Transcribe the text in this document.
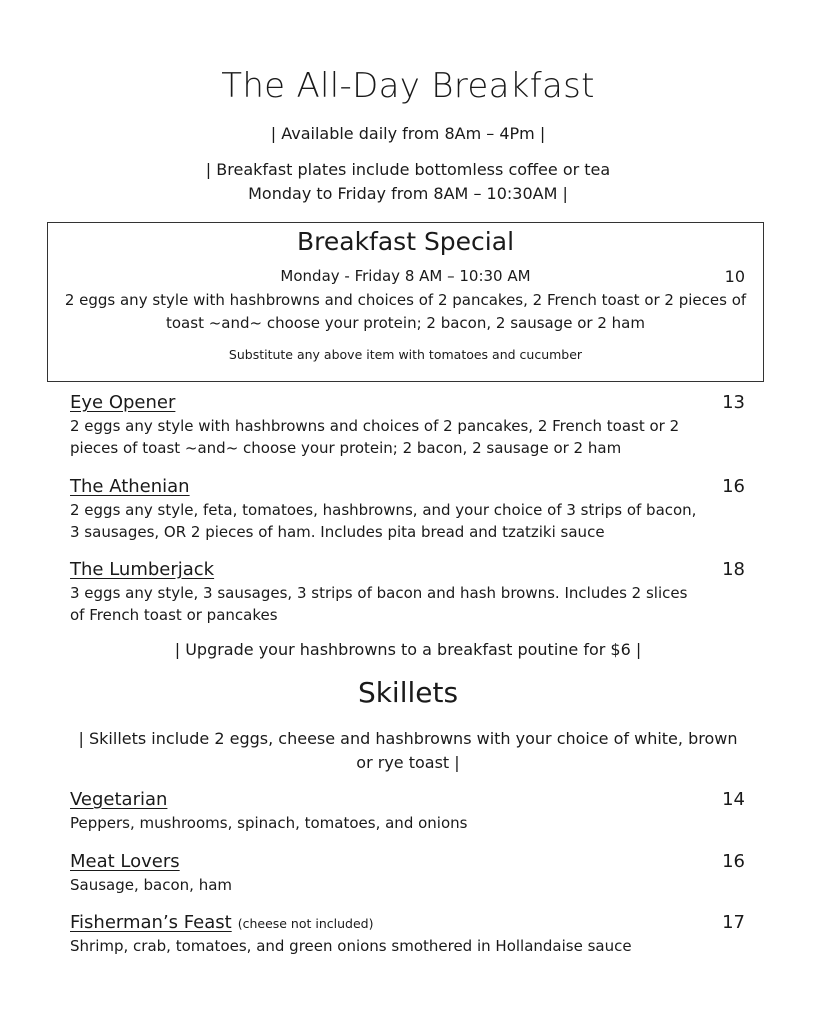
The All-Day Breakfast
| Available daily from 8Am – 4Pm |
| Breakfast plates include bottomless coffee or tea
Monday to Friday from 8AM – 10:30AM |
Breakfast Special
Monday - Friday 8 AM – 10:30 AM	10
2 eggs any style with hashbrowns and choices of 2 pancakes, 2 French toast or 2 pieces of toast ~and~ choose your protein; 2 bacon, 2 sausage or 2 ham
Substitute any above item with tomatoes and cucumber
Eye Opener	13
2 eggs any style with hashbrowns and choices of 2 pancakes, 2 French toast or 2 pieces of toast ~and~ choose your protein; 2 bacon, 2 sausage or 2 ham
The Athenian	16
2 eggs any style, feta, tomatoes, hashbrowns, and your choice of 3 strips of bacon, 3 sausages, OR 2 pieces of ham. Includes pita bread and tzatziki sauce
The Lumberjack	18
3 eggs any style, 3 sausages, 3 strips of bacon and hash browns. Includes 2 slices of French toast or pancakes
| Upgrade your hashbrowns to a breakfast poutine for $6 |
Skillets
| Skillets include 2 eggs, cheese and hashbrowns with your choice of white, brown or rye toast |
Vegetarian	14
Peppers, mushrooms, spinach, tomatoes, and onions
Meat Lovers	16
Sausage, bacon, ham
Fisherman’s Feast (cheese not included)	17
Shrimp, crab, tomatoes, and green onions smothered in Hollandaise sauce
